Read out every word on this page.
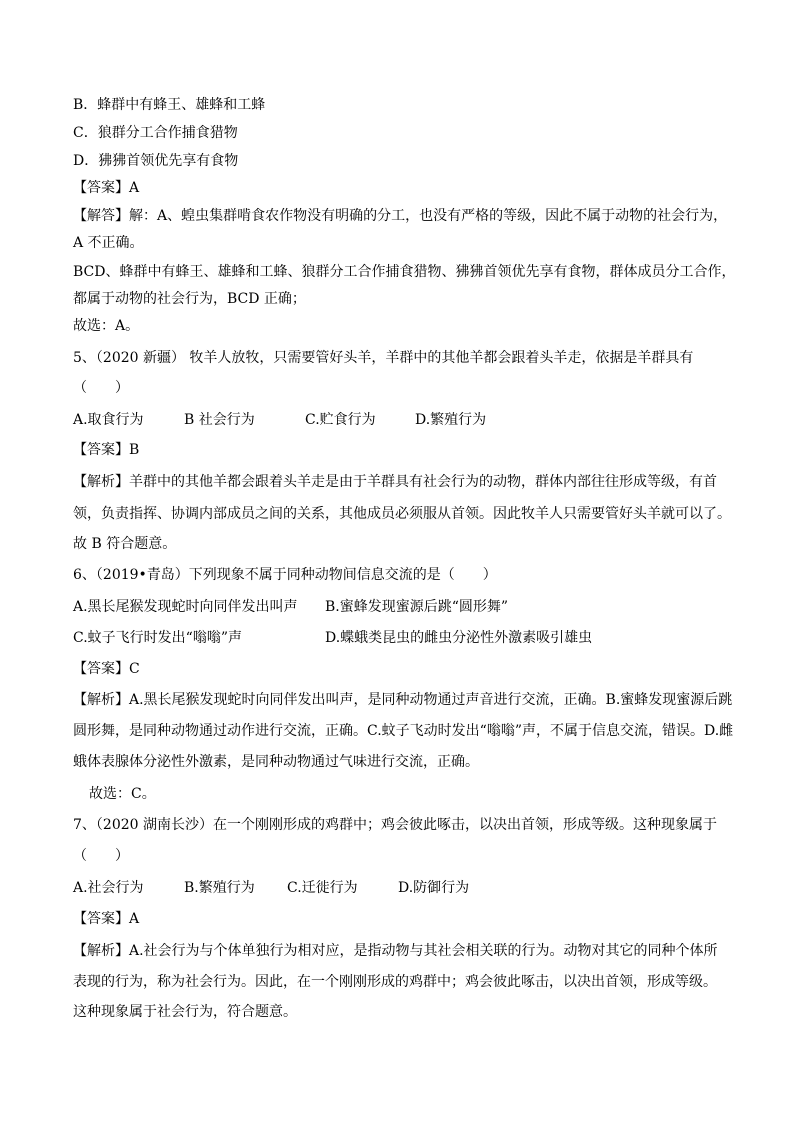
B．蜂群中有蜂王、雄蜂和工蜂
C．狼群分工合作捕食猎物
D．狒狒首领优先享有食物
【答案】A
【解答】解：A、蝗虫集群啃食农作物没有明确的分工，也没有严格的等级，因此不属于动物的社会行为，
A 不正确。
BCD、蜂群中有蜂王、雄蜂和工蜂、狼群分工合作捕食猎物、狒狒首领优先享有食物，群体成员分工合作，
都属于动物的社会行为，BCD 正确；
故选：A。
5、（2020 新疆） 牧羊人放牧，只需要管好头羊，羊群中的其他羊都会跟着头羊走，依据是羊群具有
（　　）
A.取食行为	B 社会行为	C.贮食行为	D.繁殖行为
【答案】B
【解析】羊群中的其他羊都会跟着头羊走是由于羊群具有社会行为的动物，群体内部往往形成等级，有首
领，负责指挥、协调内部成员之间的关系，其他成员必须服从首领。因此牧羊人只需要管好头羊就可以了。
故 B 符合题意。
6、（2019•青岛）下列现象不属于同种动物间信息交流的是（　　）
A.黑长尾猴发现蛇时向同伴发出叫声 B.蜜蜂发现蜜源后跳“圆形舞”
C.蚊子飞行时发出“嗡嗡”声	D.蝶蛾类昆虫的雌虫分泌性外激素吸引雄虫
【答案】C
【解析】A.黑长尾猴发现蛇时向同伴发出叫声，是同种动物通过声音进行交流，正确。B.蜜蜂发现蜜源后跳
圆形舞，是同种动物通过动作进行交流，正确。C.蚊子飞动时发出“嗡嗡”声，不属于信息交流，错误。D.雌
蛾体表腺体分泌性外激素，是同种动物通过气味进行交流，正确。
故选：C。
7、（2020 湖南长沙）在一个刚刚形成的鸡群中；鸡会彼此啄击，以决出首领，形成等级。这种现象属于
（　　）
A.社会行为	B.繁殖行为 C.迁徙行为	D.防御行为
【答案】A
【解析】A.社会行为与个体单独行为相对应，是指动物与其社会相关联的行为。动物对其它的同种个体所
表现的行为，称为社会行为。因此，在一个刚刚形成的鸡群中；鸡会彼此啄击，以决出首领，形成等级。
这种现象属于社会行为，符合题意。
